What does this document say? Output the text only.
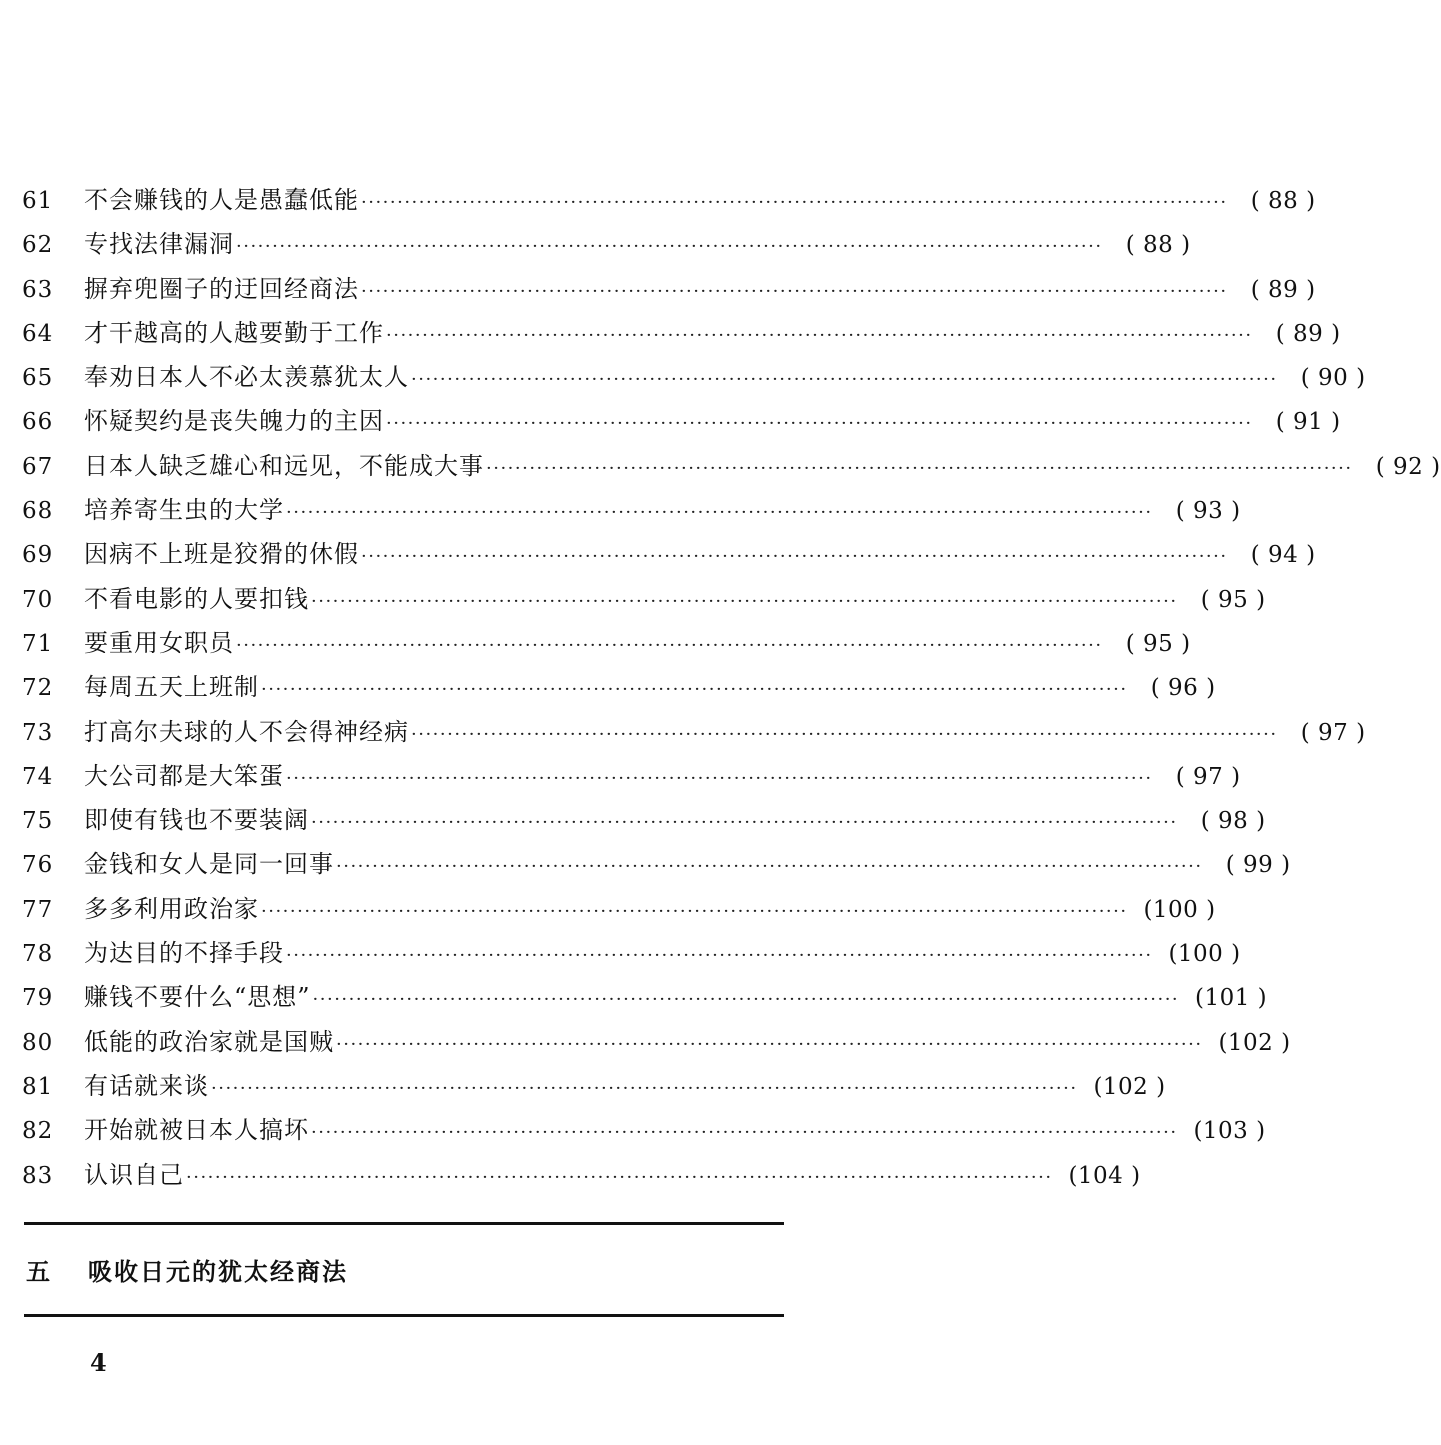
61	不会赚钱的人是愚蠢低能 ························································································································	( 88 )
62	专找法律漏洞 ························································································································	( 88 )
63	摒弃兜圈子的迂回经商法 ························································································································	( 89 )
64	才干越高的人越要勤于工作 ························································································································	( 89 )
65	奉劝日本人不必太羡慕犹太人 ························································································································	( 90 )
66	怀疑契约是丧失魄力的主因 ························································································································	( 91 )
67	日本人缺乏雄心和远见，不能成大事 ························································································································	( 92 )
68	培养寄生虫的大学 ························································································································	( 93 )
69	因病不上班是狡猾的休假 ························································································································	( 94 )
70	不看电影的人要扣钱 ························································································································	( 95 )
71	要重用女职员 ························································································································	( 95 )
72	每周五天上班制 ························································································································	( 96 )
73	打高尔夫球的人不会得神经病 ························································································································	( 97 )
74	大公司都是大笨蛋 ························································································································	( 97 )
75	即使有钱也不要装阔 ························································································································	( 98 )
76	金钱和女人是同一回事 ························································································································	( 99 )
77	多多利用政治家 ························································································································ (100 )
78	为达目的不择手段 ························································································································ (100 )
79	赚钱不要什么“思想” ························································································································ (101 )
80	低能的政治家就是国贼 ························································································································ (102 )
81	有话就来谈 ························································································································ (102 )
82	开始就被日本人搞坏 ························································································································ (103 )
83	认识自己 ························································································································ (104 )
五 吸收日元的犹太经商法
4
